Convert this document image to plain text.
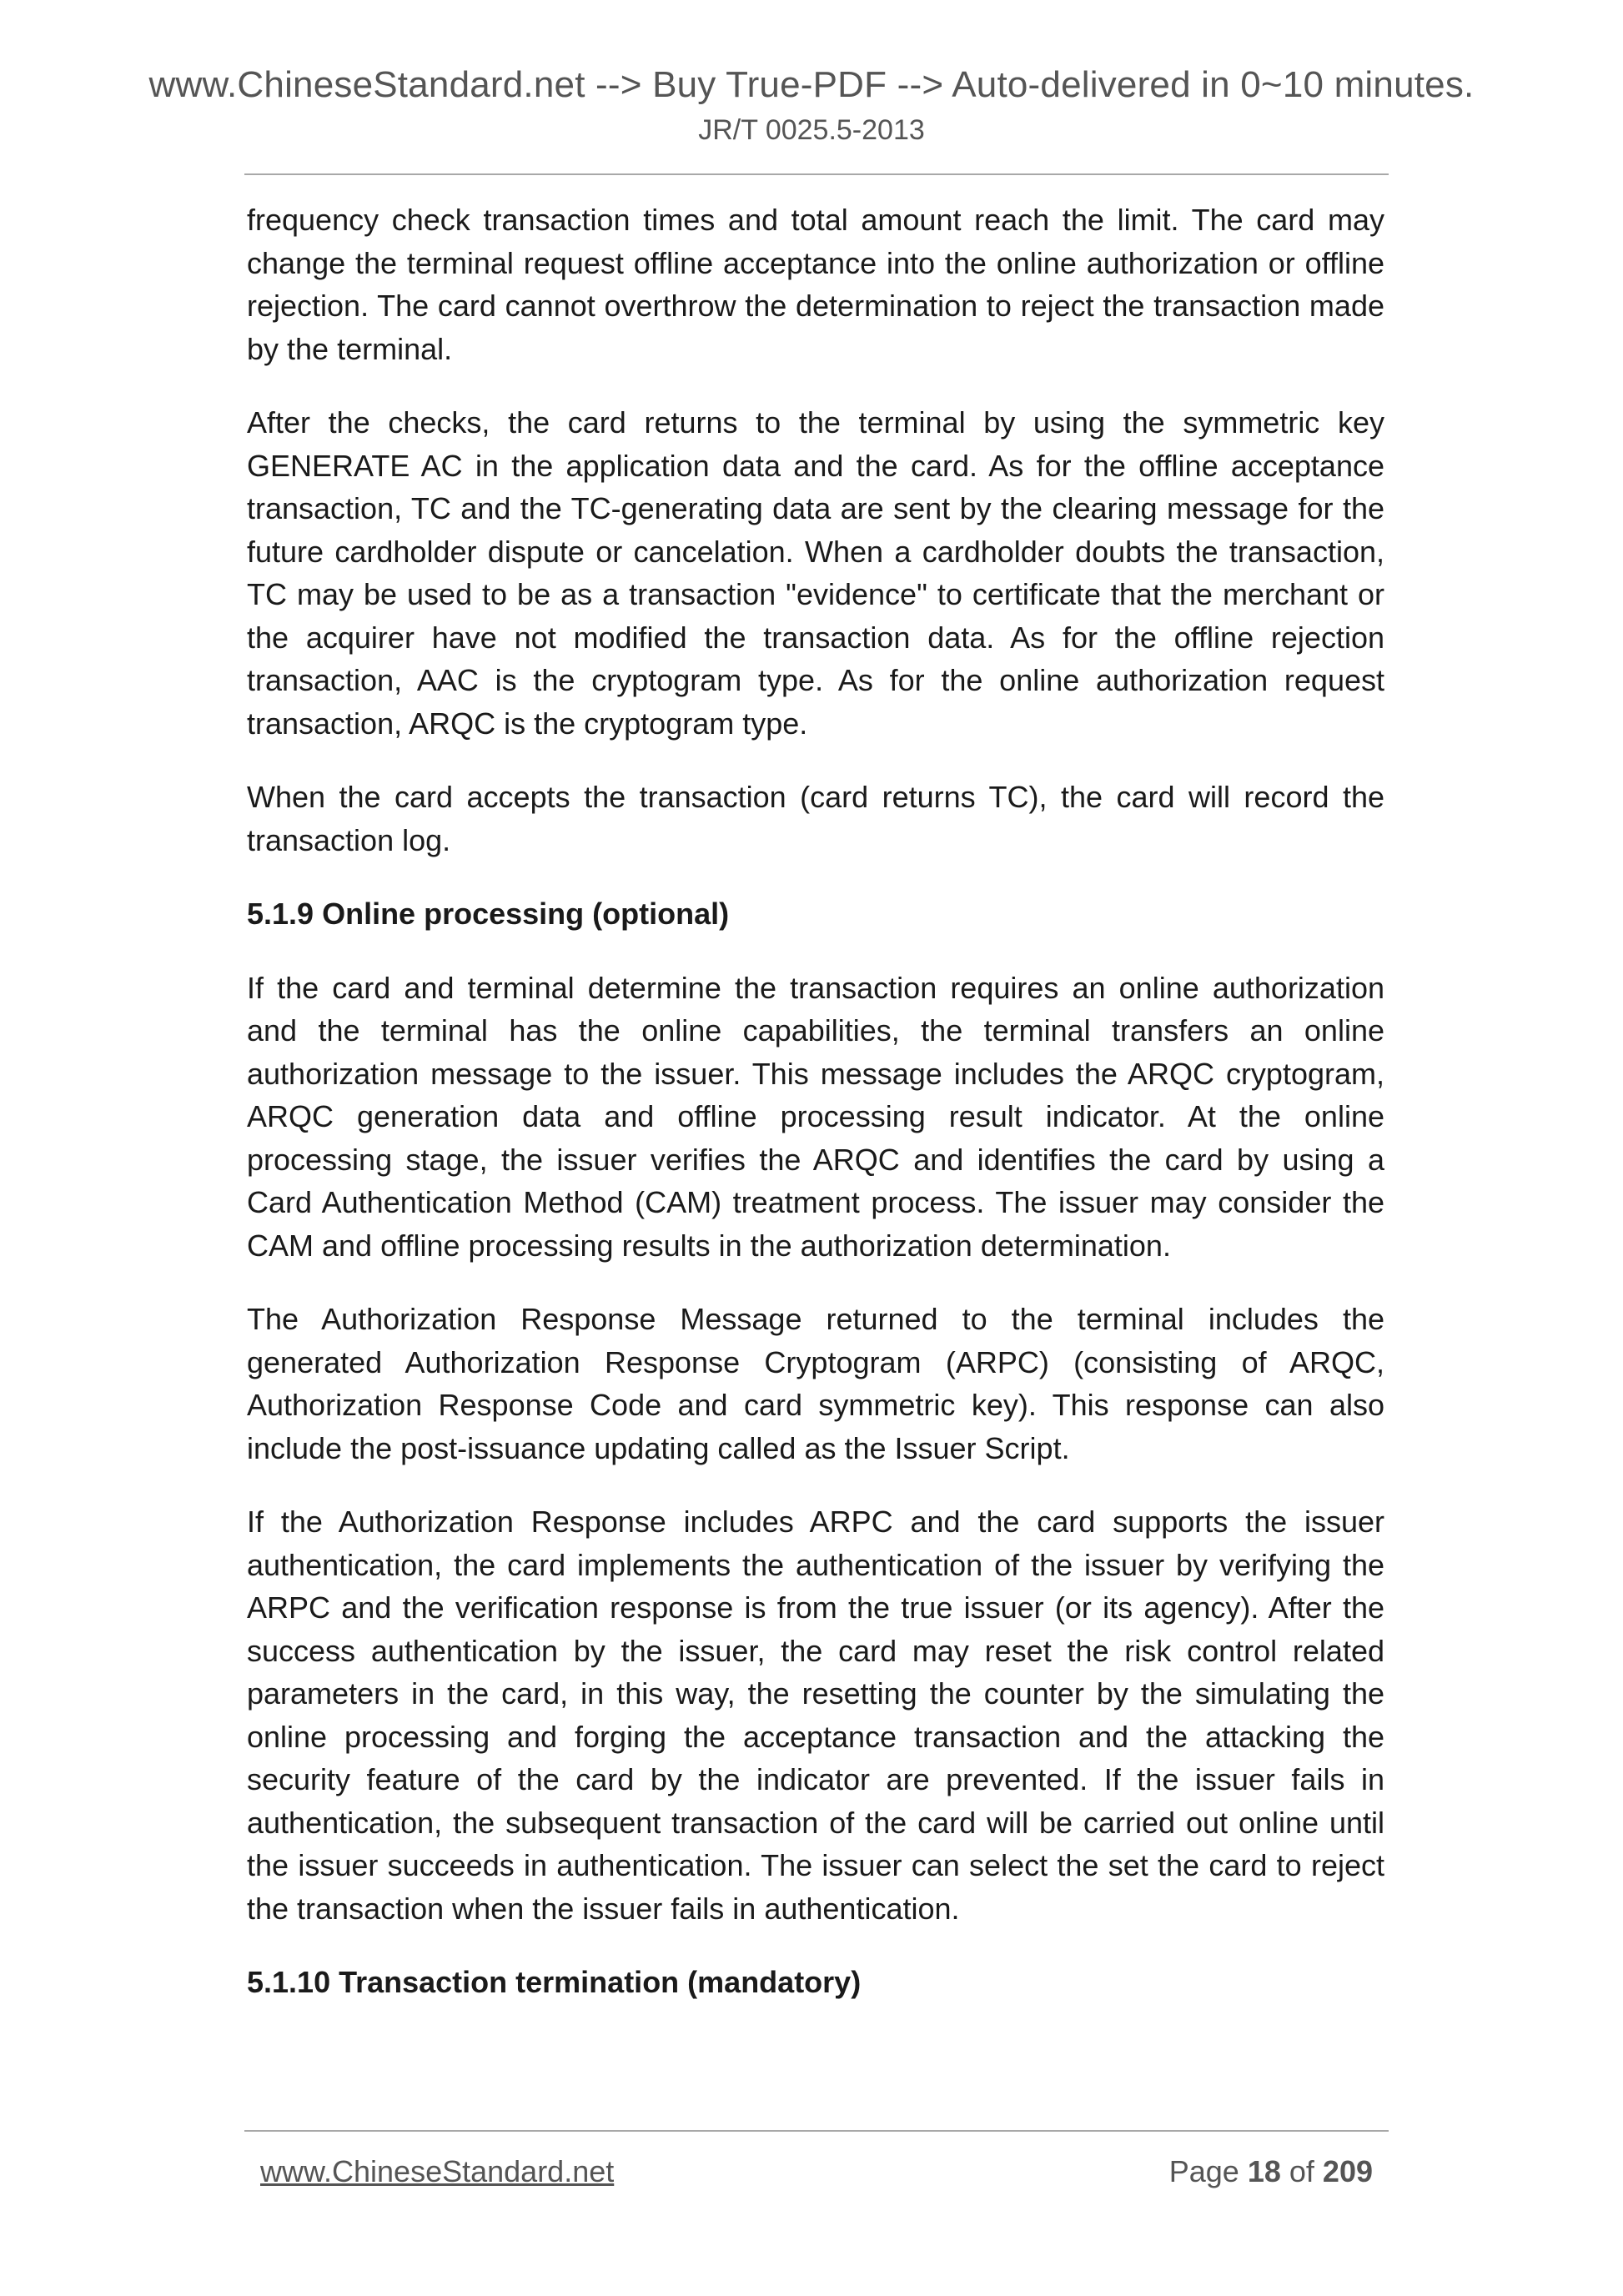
www.ChineseStandard.net --> Buy True-PDF --> Auto-delivered in 0~10 minutes.
JR/T 0025.5-2013

frequency check transaction times and total amount reach the limit. The card may change the terminal request offline acceptance into the online authorization or offline rejection. The card cannot overthrow the determination to reject the transaction made by the terminal.

After the checks, the card returns to the terminal by using the symmetric key GENERATE AC in the application data and the card. As for the offline acceptance transaction, TC and the TC-generating data are sent by the clearing message for the future cardholder dispute or cancelation. When a cardholder doubts the transaction, TC may be used to be as a transaction "evidence" to certificate that the merchant or the acquirer have not modified the transaction data. As for the offline rejection transaction, AAC is the cryptogram type. As for the online authorization request transaction, ARQC is the cryptogram type.

When the card accepts the transaction (card returns TC), the card will record the transaction log.

5.1.9 Online processing (optional)

If the card and terminal determine the transaction requires an online authorization and the terminal has the online capabilities, the terminal transfers an online authorization message to the issuer. This message includes the ARQC cryptogram, ARQC generation data and offline processing result indicator. At the online processing stage, the issuer verifies the ARQC and identifies the card by using a Card Authentication Method (CAM) treatment process. The issuer may consider the CAM and offline processing results in the authorization determination.

The Authorization Response Message returned to the terminal includes the generated Authorization Response Cryptogram (ARPC) (consisting of ARQC, Authorization Response Code and card symmetric key). This response can also include the post-issuance updating called as the Issuer Script.

If the Authorization Response includes ARPC and the card supports the issuer authentication, the card implements the authentication of the issuer by verifying the ARPC and the verification response is from the true issuer (or its agency). After the success authentication by the issuer, the card may reset the risk control related parameters in the card, in this way, the resetting the counter by the simulating the online processing and forging the acceptance transaction and the attacking the security feature of the card by the indicator are prevented. If the issuer fails in authentication, the subsequent transaction of the card will be carried out online until the issuer succeeds in authentication. The issuer can select the set the card to reject the transaction when the issuer fails in authentication.

5.1.10 Transaction termination (mandatory)
www.ChineseStandard.net	Page 18 of 209
